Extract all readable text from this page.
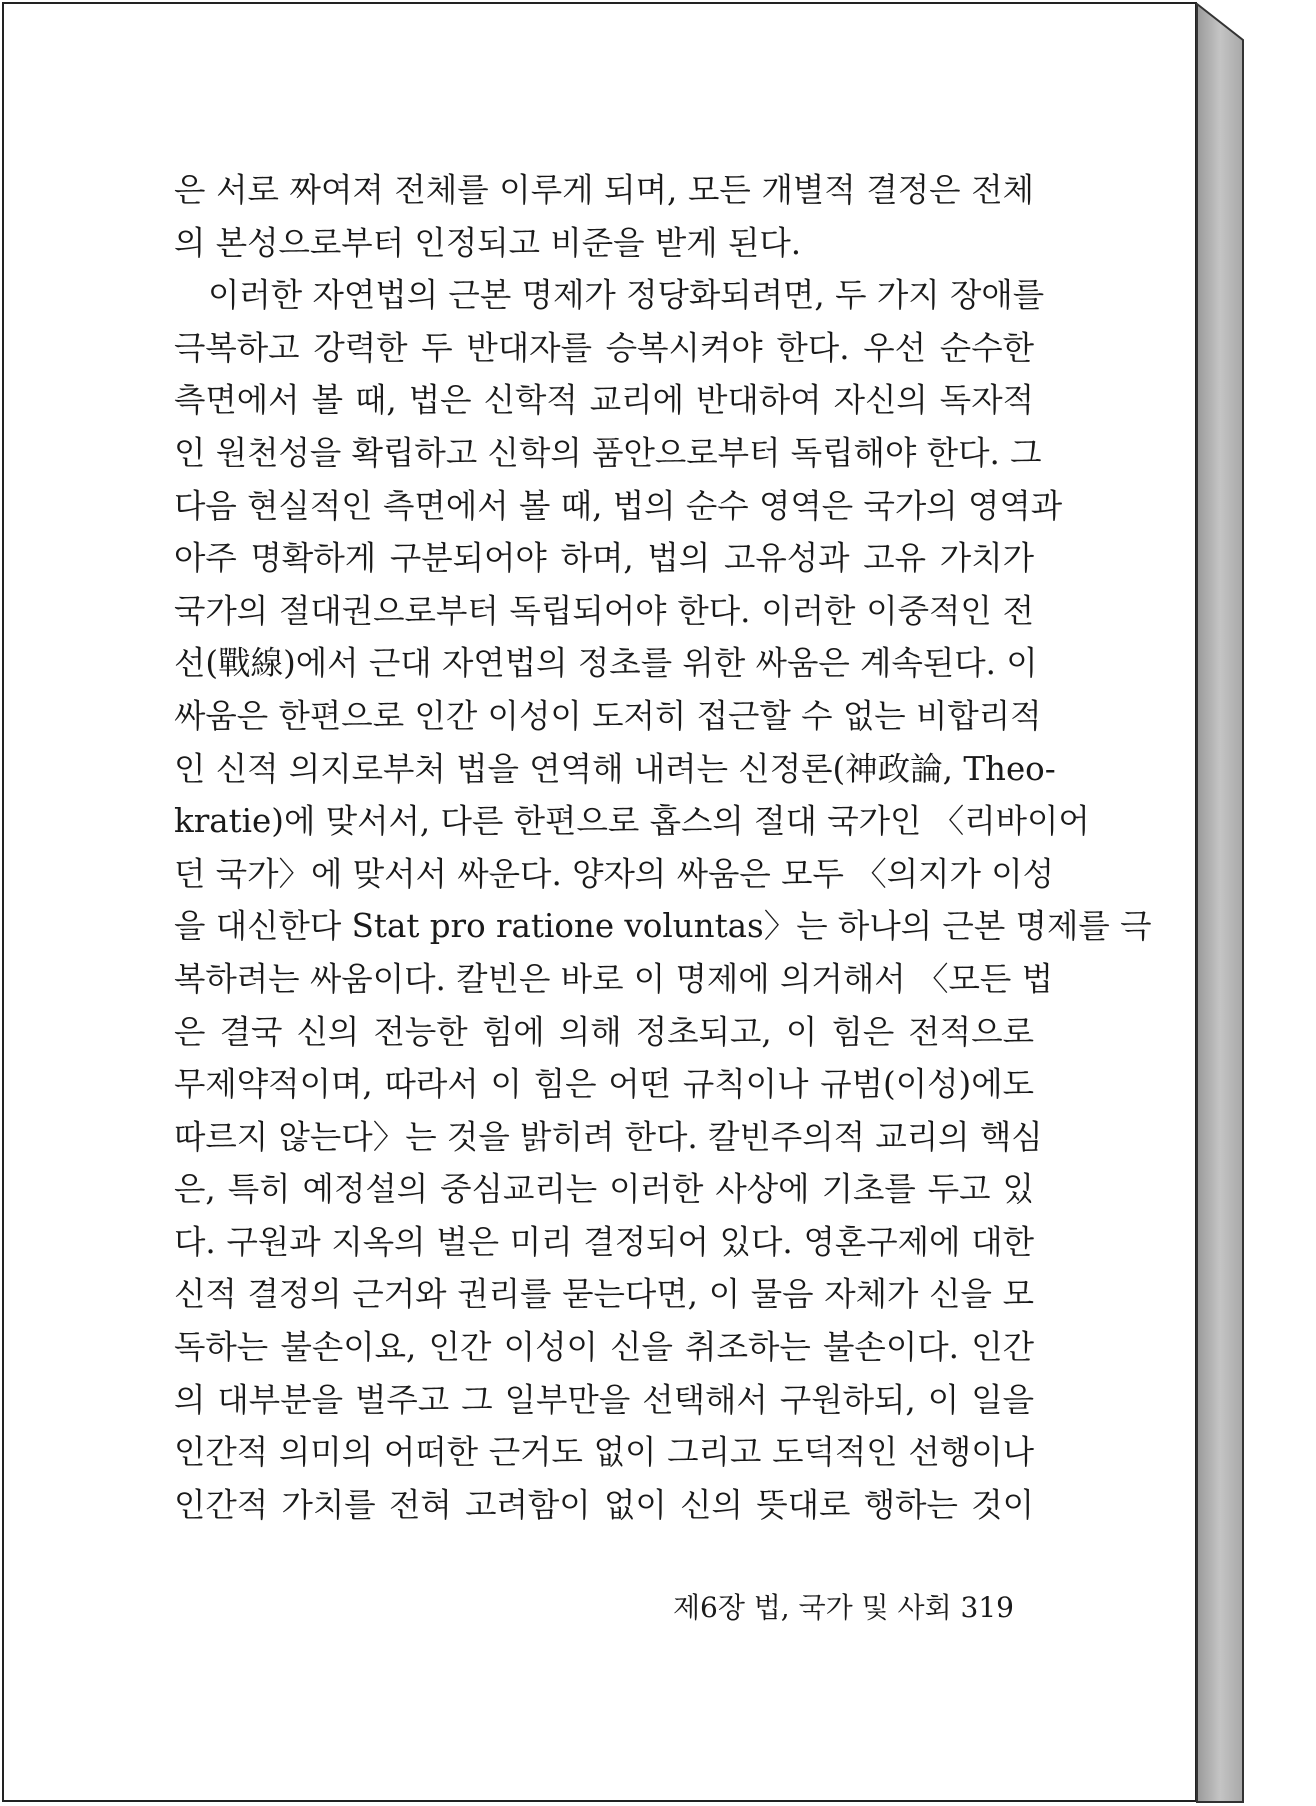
은 서로 짜여져 전체를 이루게 되며, 모든 개별적 결정은 전체
의 본성으로부터 인정되고 비준을 받게 된다.
이러한 자연법의 근본 명제가 정당화되려면, 두 가지 장애를
극복하고 강력한 두 반대자를 승복시켜야 한다. 우선 순수한
측면에서 볼 때, 법은 신학적 교리에 반대하여 자신의 독자적
인 원천성을 확립하고 신학의 품안으로부터 독립해야 한다. 그
다음 현실적인 측면에서 볼 때, 법의 순수 영역은 국가의 영역과
아주 명확하게 구분되어야 하며, 법의 고유성과 고유 가치가
국가의 절대권으로부터 독립되어야 한다. 이러한 이중적인 전
선(戰線)에서 근대 자연법의 정초를 위한 싸움은 계속된다. 이
싸움은 한편으로 인간 이성이 도저히 접근할 수 없는 비합리적
인 신적 의지로부처 법을 연역해 내려는 신정론(神政論, Theo-
kratie)에 맞서서, 다른 한편으로 홉스의 절대 국가인 〈리바이어
던 국가〉에 맞서서 싸운다. 양자의 싸움은 모두 〈의지가 이성
을 대신한다 Stat pro ratione voluntas〉는 하나의 근본 명제를 극
복하려는 싸움이다. 칼빈은 바로 이 명제에 의거해서 〈모든 법
은 결국 신의 전능한 힘에 의해 정초되고, 이 힘은 전적으로
무제약적이며, 따라서 이 힘은 어떤 규칙이나 규범(이성)에도
따르지 않는다〉는 것을 밝히려 한다. 칼빈주의적 교리의 핵심
은, 특히 예정설의 중심교리는 이러한 사상에 기초를 두고 있
다. 구원과 지옥의 벌은 미리 결정되어 있다. 영혼구제에 대한
신적 결정의 근거와 권리를 묻는다면, 이 물음 자체가 신을 모
독하는 불손이요, 인간 이성이 신을 취조하는 불손이다. 인간
의 대부분을 벌주고 그 일부만을 선택해서 구원하되, 이 일을
인간적 의미의 어떠한 근거도 없이 그리고 도덕적인 선행이나
인간적 가치를 전혀 고려함이 없이 신의 뜻대로 행하는 것이
제6장 법, 국가 및 사회 319
